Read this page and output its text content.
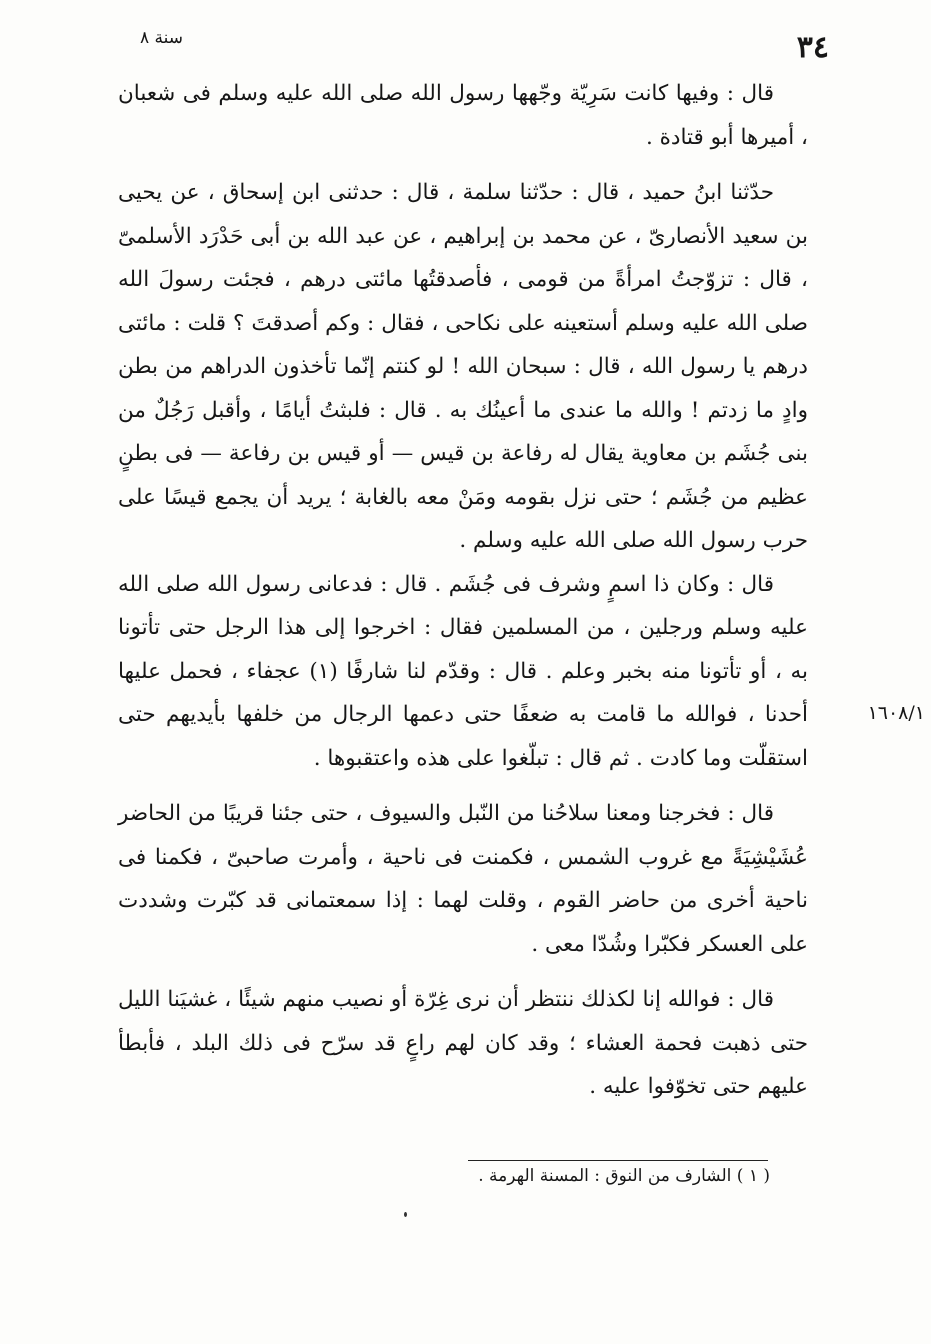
٣٤
سنة ٨

قال : وفيها كانت سَرِيّة وجّهها رسول الله صلى الله عليه وسلم فى شعبان ، أميرها أبو قتادة .

حدّثنا ابنُ حميد ، قال : حدّثنا سلمة ، قال : حدثنى ابن إسحاق ، عن يحيى بن سعيد الأنصارىّ ، عن محمد بن إبراهيم ، عن عبد الله بن أبى حَدْرَد الأسلمىّ ، قال : تزوّجتُ امرأةً من قومى ، فأصدقتُها مائتى درهم ، فجئت رسولَ الله صلى الله عليه وسلم أستعينه على نكاحى ، فقال : وكم أصدقتَ ؟ قلت : مائتى درهم يا رسول الله ، قال : سبحان الله ! لو كنتم إنّما تأخذون الدراهم من بطن وادٍ ما زدتم ! والله ما عندى ما أعينُك به . قال : فلبثتُ أيامًا ، وأقبل رَجُلٌ من بنى جُشَم بن معاوية يقال له رفاعة بن قيس — أو قيس بن رفاعة — فى بطنٍ عظيم من جُشَم ؛ حتى نزل بقومه ومَنْ معه بالغابة ؛ يريد أن يجمع قيسًا على حرب رسول الله صلى الله عليه وسلم .

قال : وكان ذا اسمٍ وشرف فى جُشَم . قال : فدعانى رسول الله صلى الله عليه وسلم ورجلين ، من المسلمين فقال : اخرجوا إلى هذا الرجل حتى تأتونا به ، أو تأتونا منه بخبر وعلم . قال : وقدّم لنا شارفًا (١) عجفاء ، فحمل عليها أحدنا ، فوالله ما قامت به ضعفًا حتى دعمها الرجال من خلفها بأيديهم حتى استقلّت وما كادت . ثم قال : تبلّغوا على هذه واعتقبوها .

قال : فخرجنا ومعنا سلاحُنا من النّبل والسيوف ، حتى جئنا قريبًا من الحاضر عُشَيْشِيَةً مع غروب الشمس ، فكمنت فى ناحية ، وأمرت صاحبىّ ، فكمنا فى ناحية أخرى من حاضر القوم ، وقلت لهما : إذا سمعتمانى قد كبّرت وشددت على العسكر فكبّرا وشُدّا معى .

قال : فوالله إنا لكذلك ننتظر أن نرى غِرّة أو نصيب منهم شيئًا ، غشيَنا الليل حتى ذهبت فحمة العشاء ؛ وقد كان لهم راعٍ قد سرّح فى ذلك البلد ، فأبطأ عليهم حتى تخوّفوا عليه .

١٦٠٨/١
( ١ ) الشارف من النوق : المسنة الهرمة .
